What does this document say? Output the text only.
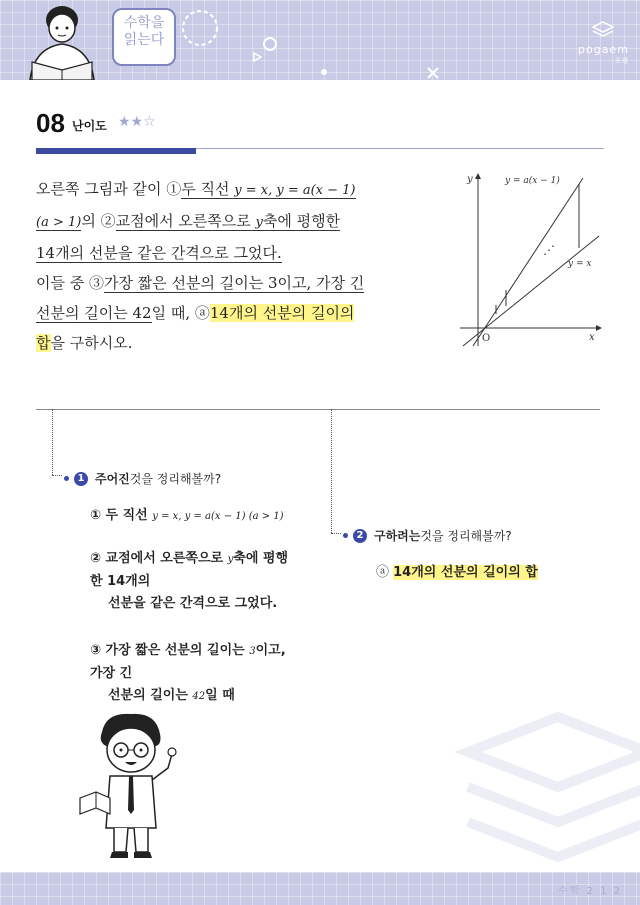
수학을
읽는다
pogaem
포갬
08 난이도 ★★☆
오른쪽 그림과 같이 ①두 직선 y = x, y = a(x − 1)
(a > 1)의 ②교점에서 오른쪽으로 y축에 평행한
14개의 선분을 같은 간격으로 그었다.
이들 중 ③가장 짧은 선분의 길이는 3이고, 가장 긴
선분의 길이는 42일 때, ⓐ14개의 선분의 길이의
합을 구하시오.
⋰
y
x
O
y = a(x − 1)
y = x
1 주어진 것을 정리해볼까?
① 두 직선 y = x, y = a(x − 1) (a > 1)
② 교점에서 오른쪽으로 y축에 평행
한 14개의
선분을 같은 간격으로 그었다.
③ 가장 짧은 선분의 길이는 3이고,
가장 긴
선분의 길이는 42일 때
2 구하려는 것을 정리해볼까?
ⓐ 14개의 선분의 길이의 합
수학 2 1 2
